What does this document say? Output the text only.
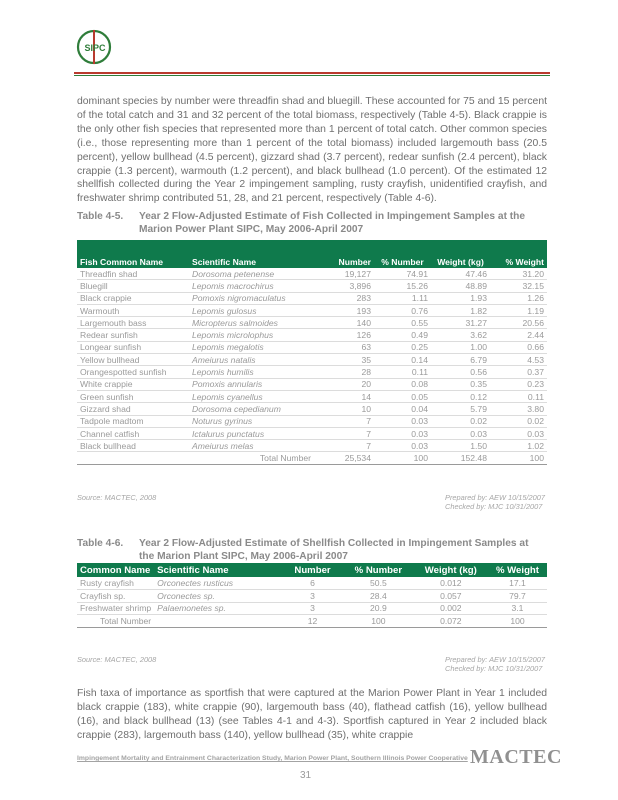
SIPC

dominant species by number were threadfin shad and bluegill. These accounted for 75 and 15 percent of the total catch and 31 and 32 percent of the total biomass, respectively (Table 4-5). Black crappie is the only other fish species that represented more than 1 percent of total catch. Other common species (i.e., those representing more than 1 percent of the total biomass) included largemouth bass (20.5 percent), yellow bullhead (4.5 percent), gizzard shad (3.7 percent), redear sunfish (2.4 percent), black crappie (1.3 percent), warmouth (1.2 percent), and black bullhead (1.0 percent). Of the estimated 12 shellfish collected during the Year 2 impingement sampling, rusty crayfish, unidentified crayfish, and freshwater shrimp contributed 51, 28, and 21 percent, respectively (Table 4-6).

Table 4-5. Year 2 Flow-Adjusted Estimate of Fish Collected in Impingement Samples at the Marion Power Plant SIPC, May 2006-April 2007
Fish Common Name	Scientific Name	Number	% Number	Weight (kg)	% Weight
Threadfin shad	Dorosoma petenense	19,127	74.91	47.46	31.20
Bluegill	Lepomis macrochirus	3,896	15.26	48.89	32.15
Black crappie	Pomoxis nigromaculatus	283	1.11	1.93	1.26
Warmouth	Lepomis gulosus	193	0.76	1.82	1.19
Largemouth bass	Micropterus salmoides	140	0.55	31.27	20.56
Redear sunfish	Lepomis microlophus	126	0.49	3.62	2.44
Longear sunfish	Lepomis megalotis	63	0.25	1.00	0.66
Yellow bullhead	Ameiurus natalis	35	0.14	6.79	4.53
Orangespotted sunfish	Lepomis humilis	28	0.11	0.56	0.37
White crappie	Pomoxis annularis	20	0.08	0.35	0.23
Green sunfish	Lepomis cyanellus	14	0.05	0.12	0.11
Gizzard shad	Dorosoma cepedianum	10	0.04	5.79	3.80
Tadpole madtom	Noturus gyrinus	7	0.03	0.02	0.02
Channel catfish	Ictalurus punctatus	7	0.03	0.03	0.03
Black bullhead	Ameiurus melas	7	0.03	1.50	1.02
	Total Number	25,534	100	152.48	100
Source: MACTEC, 2008	Prepared by: AEW 10/15/2007
Checked by: MJC 10/31/2007
Table 4-6. Year 2 Flow-Adjusted Estimate of Shellfish Collected in Impingement Samples at the Marion Plant SIPC, May 2006-April 2007
Common Name	Scientific Name	Number	% Number	Weight (kg)	% Weight
Rusty crayfish	Orconectes rusticus	6	50.5	0.012	17.1
Crayfish sp.	Orconectes sp.	3	28.4	0.057	79.7
Freshwater shrimp	Palaemonetes sp.	3	20.9	0.002	3.1
Total Number		12	100	0.072	100
Source: MACTEC, 2008	Prepared by: AEW 10/15/2007
Checked by: MJC 10/31/2007

Fish taxa of importance as sportfish that were captured at the Marion Power Plant in Year 1 included black crappie (183), white crappie (90), largemouth bass (40), flathead catfish (16), yellow bullhead (16), and black bullhead (13) (see Tables 4-1 and 4-3). Sportfish captured in Year 2 included black crappie (283), largemouth bass (140), yellow bullhead (35), white crappie

Impingement Mortality and Entrainment Characterization Study, Marion Power Plant, Southern Illinois Power Cooperative MACTEC
31
